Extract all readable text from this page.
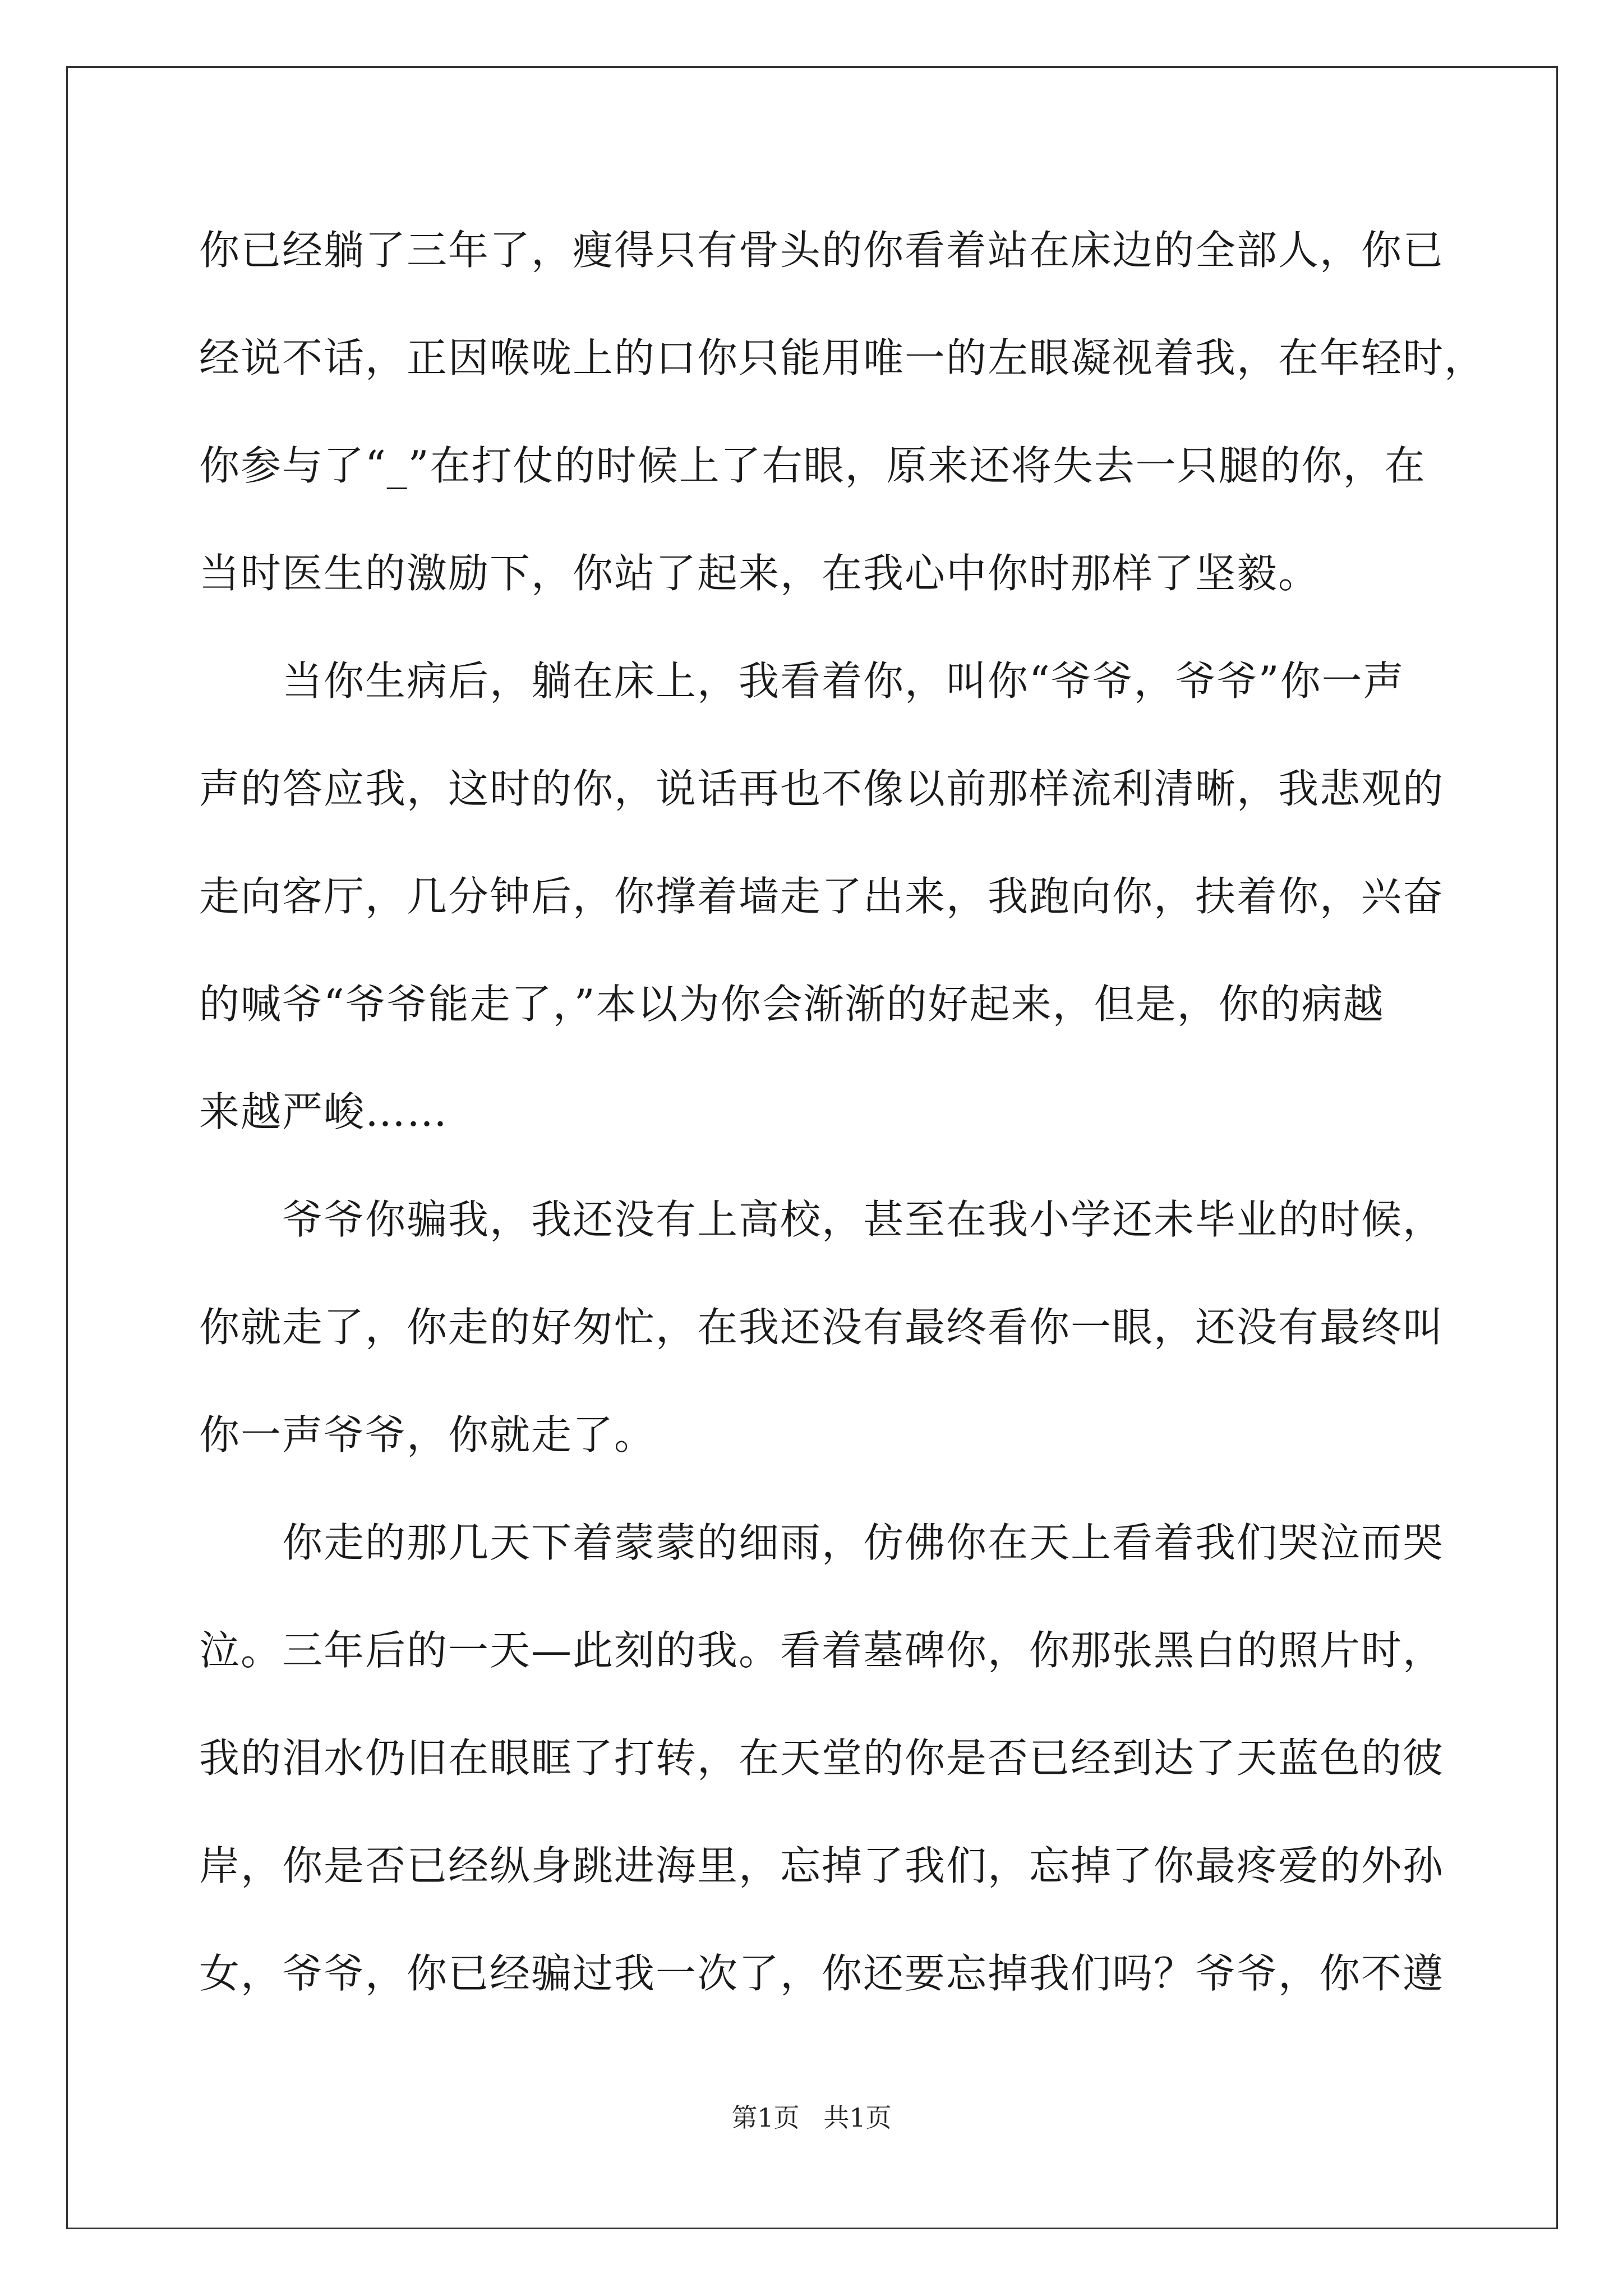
你已经躺了三年了，瘦得只有骨头的你看着站在床边的全部人，你已

经说不话，正因喉咙上的口你只能用唯一的左眼凝视着我，在年轻时，

你参与了“_”在打仗的时候上了右眼，原来还将失去一只腿的你，在

当时医生的激励下，你站了起来，在我心中你时那样了坚毅。

　　当你生病后，躺在床上，我看着你，叫你“爷爷，爷爷”你一声

声的答应我，这时的你，说话再也不像以前那样流利清晰，我悲观的

走向客厅，几分钟后，你撑着墙走了出来，我跑向你，扶着你，兴奋

的喊爷“爷爷能走了，”本以为你会渐渐的好起来，但是，你的病越

来越严峻……

　　爷爷你骗我，我还没有上高校，甚至在我小学还未毕业的时候，

你就走了，你走的好匆忙，在我还没有最终看你一眼，还没有最终叫

你一声爷爷，你就走了。

　　你走的那几天下着蒙蒙的细雨，仿佛你在天上看着我们哭泣而哭

泣。三年后的一天—此刻的我。看着墓碑你，你那张黑白的照片时，

我的泪水仍旧在眼眶了打转，在天堂的你是否已经到达了天蓝色的彼

岸，你是否已经纵身跳进海里，忘掉了我们，忘掉了你最疼爱的外孙

女，爷爷，你已经骗过我一次了，你还要忘掉我们吗？爷爷，你不遵

第1页 共1页
